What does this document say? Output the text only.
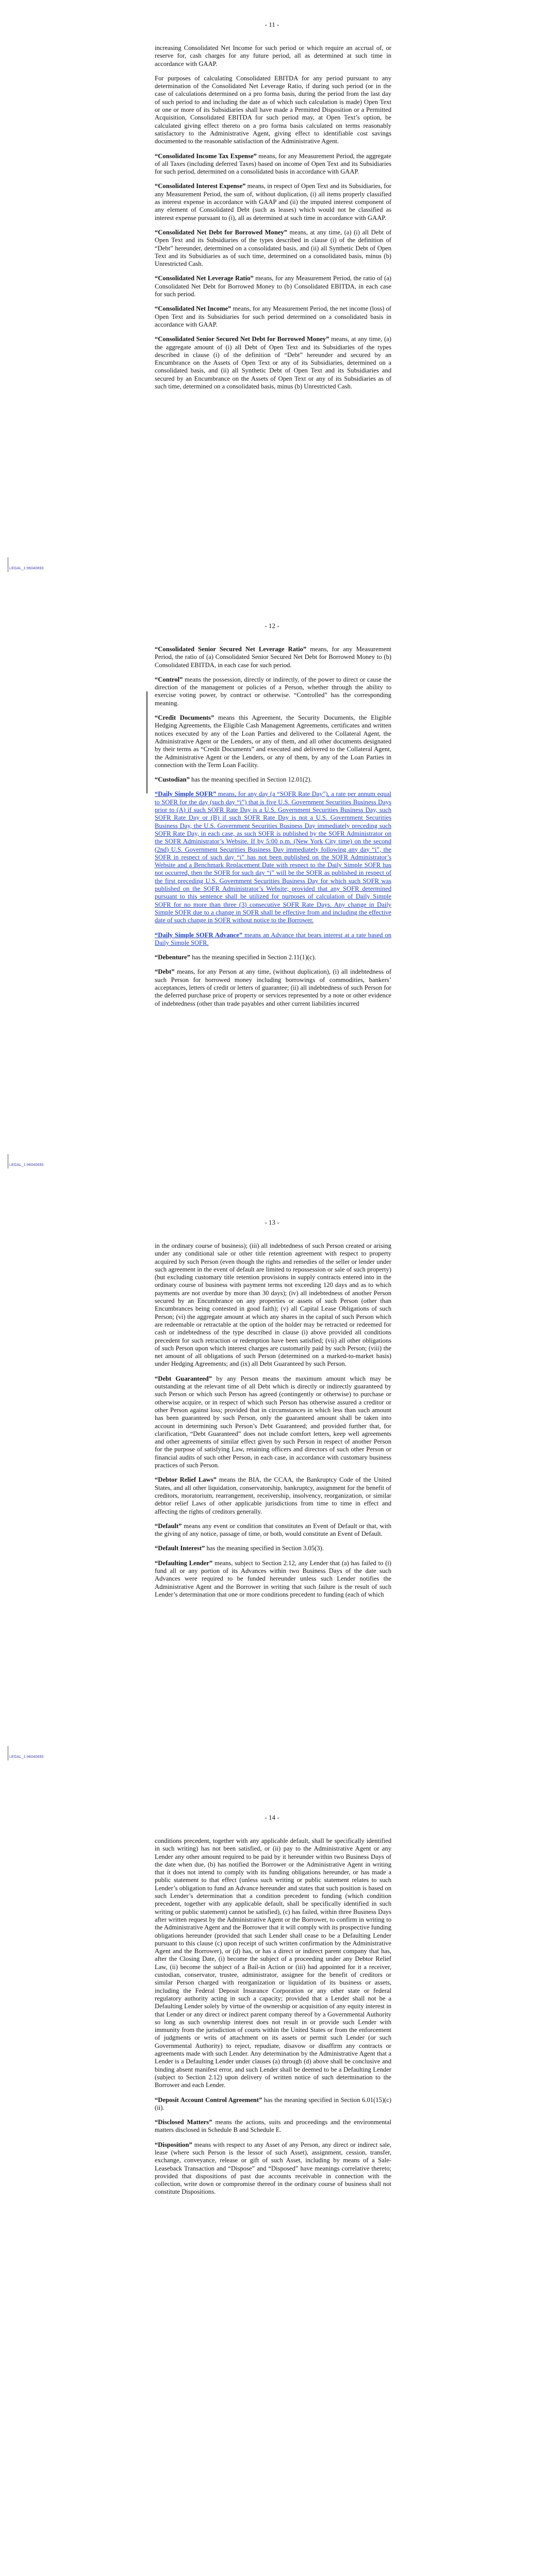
- 11 -

increasing Consolidated Net Income for such period or which require an accrual of, or reserve for, cash charges for any future period, all as determined at such time in accordance with GAAP.

For purposes of calculating Consolidated EBITDA for any period pursuant to any determination of the Consolidated Net Leverage Ratio, if during such period (or in the case of calculations determined on a pro forma basis, during the period from the last day of such period to and including the date as of which such calculation is made) Open Text or one or more of its Subsidiaries shall have made a Permitted Disposition or a Permitted Acquisition, Consolidated EBITDA for such period may, at Open Text’s option, be calculated giving effect thereto on a pro forma basis calculated on terms reasonably satisfactory to the Administrative Agent, giving effect to identifiable cost savings documented to the reasonable satisfaction of the Administrative Agent.

“Consolidated Income Tax Expense” means, for any Measurement Period, the aggregate of all Taxes (including deferred Taxes) based on income of Open Text and its Subsidiaries for such period, determined on a consolidated basis in accordance with GAAP.

“Consolidated Interest Expense” means, in respect of Open Text and its Subsidiaries, for any Measurement Period, the sum of, without duplication, (i) all items properly classified as interest expense in accordance with GAAP and (ii) the imputed interest component of any element of Consolidated Debt (such as leases) which would not be classified as interest expense pursuant to (i), all as determined at such time in accordance with GAAP.

“Consolidated Net Debt for Borrowed Money” means, at any time, (a) (i) all Debt of Open Text and its Subsidiaries of the types described in clause (i) of the definition of “Debt” hereunder, determined on a consolidated basis, and (ii) all Synthetic Debt of Open Text and its Subsidiaries as of such time, determined on a consolidated basis, minus (b) Unrestricted Cash.

“Consolidated Net Leverage Ratio” means, for any Measurement Period, the ratio of (a) Consolidated Net Debt for Borrowed Money to (b) Consolidated EBITDA, in each case for such period.

“Consolidated Net Income” means, for any Measurement Period, the net income (loss) of Open Text and its Subsidiaries for such period determined on a consolidated basis in accordance with GAAP.

“Consolidated Senior Secured Net Debt for Borrowed Money” means, at any time, (a) the aggregate amount of (i) all Debt of Open Text and its Subsidiaries of the types described in clause (i) of the definition of “Debt” hereunder and secured by an Encumbrance on the Assets of Open Text or any of its Subsidiaries, determined on a consolidated basis, and (ii) all Synthetic Debt of Open Text and its Subsidiaries and secured by an Encumbrance on the Assets of Open Text or any of its Subsidiaries as of such time, determined on a consolidated basis, minus (b) Unrestricted Cash.

LEGAL_1:96040693
- 12 -

“Consolidated Senior Secured Net Leverage Ratio” means, for any Measurement Period, the ratio of (a) Consolidated Senior Secured Net Debt for Borrowed Money to (b) Consolidated EBITDA, in each case for such period.

“Control” means the possession, directly or indirectly, of the power to direct or cause the direction of the management or policies of a Person, whether through the ability to exercise voting power, by contract or otherwise. “Controlled” has the corresponding meaning.

“Credit Documents” means this Agreement, the Security Documents, the Eligible Hedging Agreements, the Eligible Cash Management Agreements, certificates and written notices executed by any of the Loan Parties and delivered to the Collateral Agent, the Administrative Agent or the Lenders, or any of them, and all other documents designated by their terms as “Credit Documents” and executed and delivered to the Collateral Agent, the Administrative Agent or the Lenders, or any of them, by any of the Loan Parties in connection with the Term Loan Facility.

“Custodian” has the meaning specified in Section 12.01(2).

“Daily Simple SOFR” means, for any day (a “SOFR Rate Day”), a rate per annum equal to SOFR for the day (such day “i”) that is five U.S. Government Securities Business Days prior to (A) if such SOFR Rate Day is a U.S. Government Securities Business Day, such SOFR Rate Day or (B) if such SOFR Rate Day is not a U.S. Government Securities Business Day, the U.S. Government Securities Business Day immediately preceding such SOFR Rate Day, in each case, as such SOFR is published by the SOFR Administrator on the SOFR Administrator’s Website. If by 5:00 p.m. (New York City time) on the second (2nd) U.S. Government Securities Business Day immediately following any day “i”, the SOFR in respect of such day “i” has not been published on the SOFR Administrator’s Website and a Benchmark Replacement Date with respect to the Daily Simple SOFR has not occurred, then the SOFR for such day “i” will be the SOFR as published in respect of the first preceding U.S. Government Securities Business Day for which such SOFR was published on the SOFR Administrator’s Website; provided that any SOFR determined pursuant to this sentence shall be utilized for purposes of calculation of Daily Simple SOFR for no more than three (3) consecutive SOFR Rate Days. Any change in Daily Simple SOFR due to a change in SOFR shall be effective from and including the effective date of such change in SOFR without notice to the Borrower.

“Daily Simple SOFR Advance” means an Advance that bears interest at a rate based on Daily Simple SOFR.

“Debenture” has the meaning specified in Section 2.11(1)(c).

“Debt” means, for any Person at any time, (without duplication), (i) all indebtedness of such Person for borrowed money including borrowings of commodities, bankers’ acceptances, letters of credit or letters of guarantee; (ii) all indebtedness of such Person for the deferred purchase price of property or services represented by a note or other evidence of indebtedness (other than trade payables and other current liabilities incurred

LEGAL_1:96040693
- 13 -

in the ordinary course of business); (iii) all indebtedness of such Person created or arising under any conditional sale or other title retention agreement with respect to property acquired by such Person (even though the rights and remedies of the seller or lender under such agreement in the event of default are limited to repossession or sale of such property) (but excluding customary title retention provisions in supply contracts entered into in the ordinary course of business with payment terms not exceeding 120 days and as to which payments are not overdue by more than 30 days); (iv) all indebtedness of another Person secured by an Encumbrance on any properties or assets of such Person (other than Encumbrances being contested in good faith); (v) all Capital Lease Obligations of such Person; (vi) the aggregate amount at which any shares in the capital of such Person which are redeemable or retractable at the option of the holder may be retracted or redeemed for cash or indebtedness of the type described in clause (i) above provided all conditions precedent for such retraction or redemption have been satisfied; (vii) all other obligations of such Person upon which interest charges are customarily paid by such Person; (viii) the net amount of all obligations of such Person (determined on a marked-to-market basis) under Hedging Agreements; and (ix) all Debt Guaranteed by such Person.

“Debt Guaranteed” by any Person means the maximum amount which may be outstanding at the relevant time of all Debt which is directly or indirectly guaranteed by such Person or which such Person has agreed (contingently or otherwise) to purchase or otherwise acquire, or in respect of which such Person has otherwise assured a creditor or other Person against loss; provided that in circumstances in which less than such amount has been guaranteed by such Person, only the guaranteed amount shall be taken into account in determining such Person’s Debt Guaranteed; and provided further that, for clarification, “Debt Guaranteed” does not include comfort letters, keep well agreements and other agreements of similar effect given by such Person in respect of another Person for the purpose of satisfying Law, retaining officers and directors of such other Person or financial audits of such other Person, in each case, in accordance with customary business practices of such Person.

“Debtor Relief Laws” means the BIA, the CCAA, the Bankruptcy Code of the United States, and all other liquidation, conservatorship, bankruptcy, assignment for the benefit of creditors, moratorium, rearrangement, receivership, insolvency, reorganization, or similar debtor relief Laws of other applicable jurisdictions from time to time in effect and affecting the rights of creditors generally.

“Default” means any event or condition that constitutes an Event of Default or that, with the giving of any notice, passage of time, or both, would constitute an Event of Default.

“Default Interest” has the meaning specified in Section 3.05(3).

“Defaulting Lender” means, subject to Section 2.12, any Lender that (a) has failed to (i) fund all or any portion of its Advances within two Business Days of the date such Advances were required to be funded hereunder unless such Lender notifies the Administrative Agent and the Borrower in writing that such failure is the result of such Lender’s determination that one or more conditions precedent to funding (each of which

LEGAL_1:96040693
- 14 -

conditions precedent, together with any applicable default, shall be specifically identified in such writing) has not been satisfied, or (ii) pay to the Administrative Agent or any Lender any other amount required to be paid by it hereunder within two Business Days of the date when due, (b) has notified the Borrower or the Administrative Agent in writing that it does not intend to comply with its funding obligations hereunder, or has made a public statement to that effect (unless such writing or public statement relates to such Lender’s obligation to fund an Advance hereunder and states that such position is based on such Lender’s determination that a condition precedent to funding (which condition precedent, together with any applicable default, shall be specifically identified in such writing or public statement) cannot be satisfied), (c) has failed, within three Business Days after written request by the Administrative Agent or the Borrower, to confirm in writing to the Administrative Agent and the Borrower that it will comply with its prospective funding obligations hereunder (provided that such Lender shall cease to be a Defaulting Lender pursuant to this clause (c) upon receipt of such written confirmation by the Administrative Agent and the Borrower), or (d) has, or has a direct or indirect parent company that has, after the Closing Date, (i) become the subject of a proceeding under any Debtor Relief Law, (ii) become the subject of a Bail-in Action or (iii) had appointed for it a receiver, custodian, conservator, trustee, administrator, assignee for the benefit of creditors or similar Person charged with reorganization or liquidation of its business or assets, including the Federal Deposit Insurance Corporation or any other state or federal regulatory authority acting in such a capacity; provided that a Lender shall not be a Defaulting Lender solely by virtue of the ownership or acquisition of any equity interest in that Lender or any direct or indirect parent company thereof by a Governmental Authority so long as such ownership interest does not result in or provide such Lender with immunity from the jurisdiction of courts within the United States or from the enforcement of judgments or writs of attachment on its assets or permit such Lender (or such Governmental Authority) to reject, repudiate, disavow or disaffirm any contracts or agreements made with such Lender. Any determination by the Administrative Agent that a Lender is a Defaulting Lender under clauses (a) through (d) above shall be conclusive and binding absent manifest error, and such Lender shall be deemed to be a Defaulting Lender (subject to Section 2.12) upon delivery of written notice of such determination to the Borrower and each Lender.

“Deposit Account Control Agreement” has the meaning specified in Section 6.01(15)(c)(ii).

“Disclosed Matters” means the actions, suits and proceedings and the environmental matters disclosed in Schedule B and Schedule E.

“Disposition” means with respect to any Asset of any Person, any direct or indirect sale, lease (where such Person is the lessor of such Asset), assignment, cession, transfer, exchange, conveyance, release or gift of such Asset, including by means of a Sale-Leaseback Transaction and “Dispose” and “Disposed” have meanings correlative thereto; provided that dispositions of past due accounts receivable in connection with the collection, write down or compromise thereof in the ordinary course of business shall not constitute Dispositions.
